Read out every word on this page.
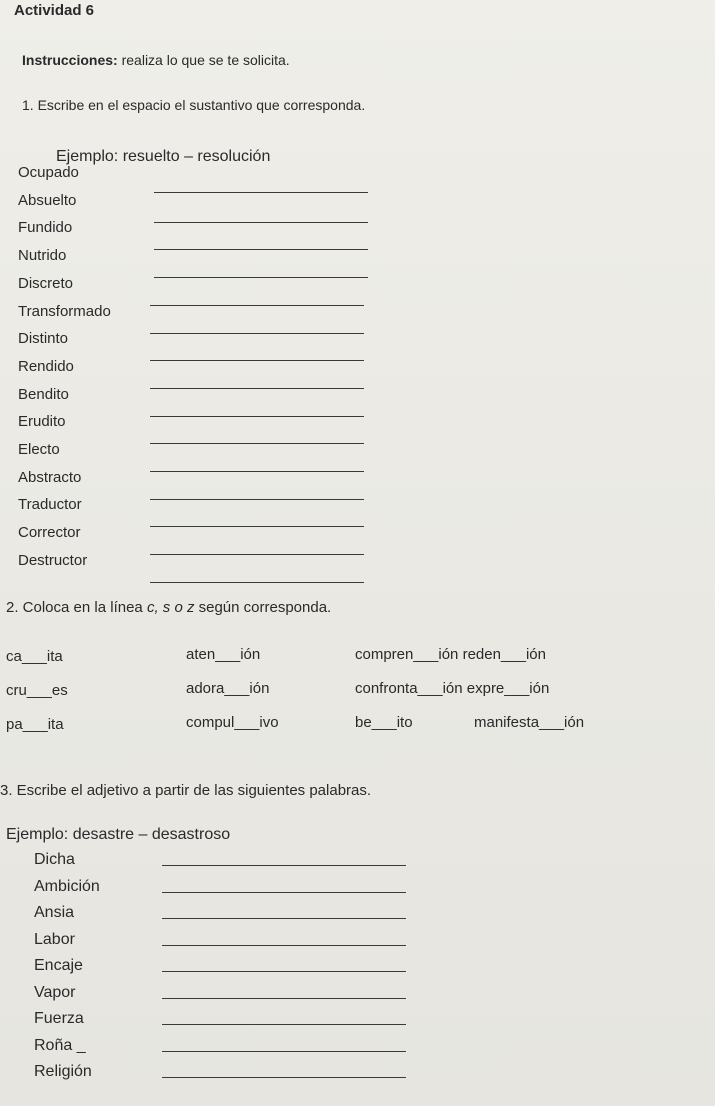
Actividad 6
Instrucciones: realiza lo que se te solicita.
1. Escribe en el espacio el sustantivo que corresponda.
Ejemplo: resuelto – resolución
Ocupado
Absuelto
Fundido
Nutrido
Discreto
Transformado
Distinto
Rendido
Bendito
Erudito
Electo
Abstracto
Traductor
Corrector
Destructor
2. Coloca en la línea c, s o z según corresponda.
ca___ita	aten___ión	compren___ión reden___ión
cru___es	adora___ión	confronta___ión expre___ión
pa___ita	compul___ivo	be___ito	manifesta___ión
3. Escribe el adjetivo a partir de las siguientes palabras.
Ejemplo: desastre – desastroso
Dicha
Ambición
Ansia
Labor
Encaje
Vapor
Fuerza
Roña _
Religión
